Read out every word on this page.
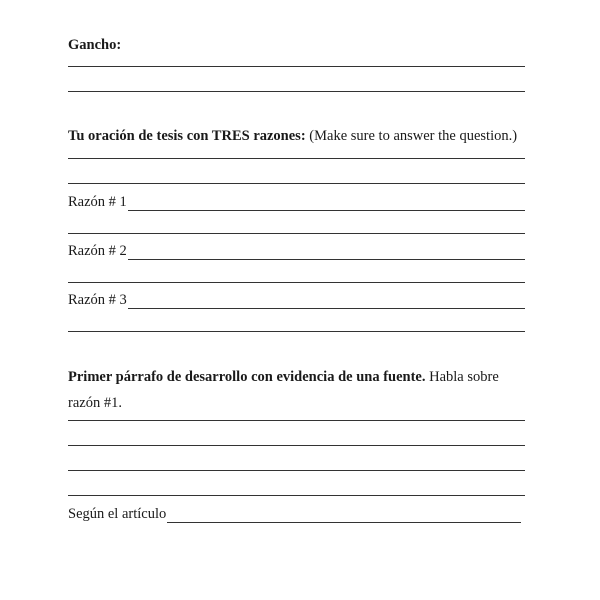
Gancho:
Tu oración de tesis con TRES razones: (Make sure to answer the question.)
Razón # 1
Razón # 2
Razón # 3
Primer párrafo de desarrollo con evidencia de una fuente. Habla sobre razón #1.
Según el artículo
